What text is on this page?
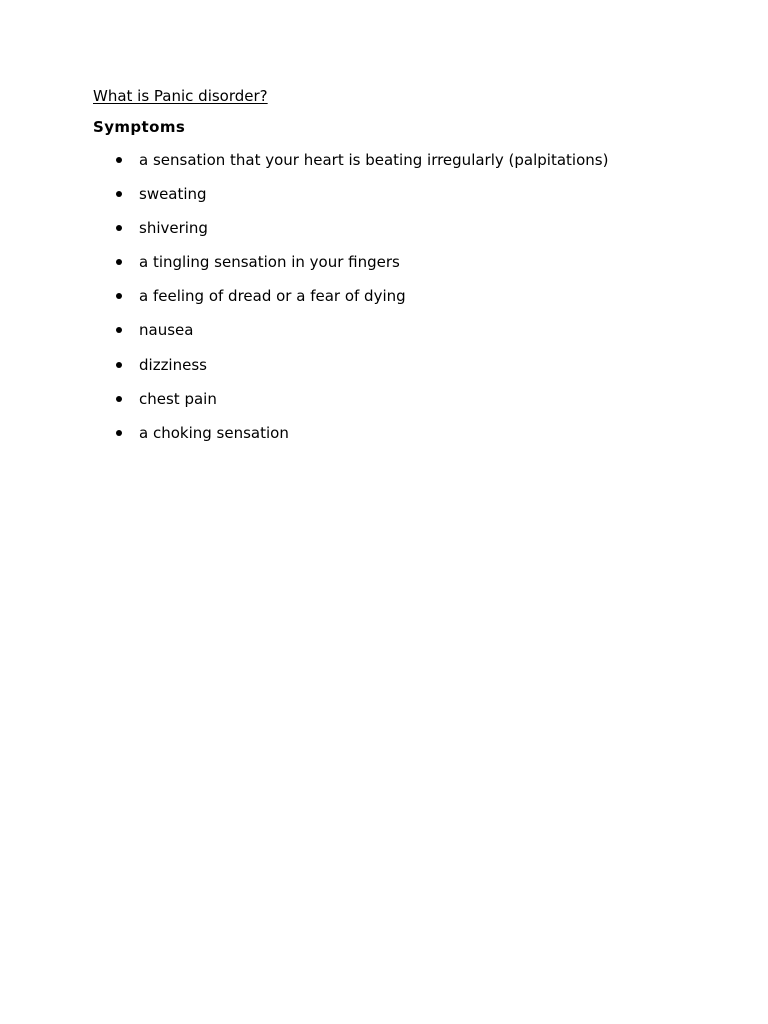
What is Panic disorder?
Symptoms
a sensation that your heart is beating irregularly (palpitations)
sweating
shivering
a tingling sensation in your fingers
a feeling of dread or a fear of dying
nausea
dizziness
chest pain
a choking sensation
